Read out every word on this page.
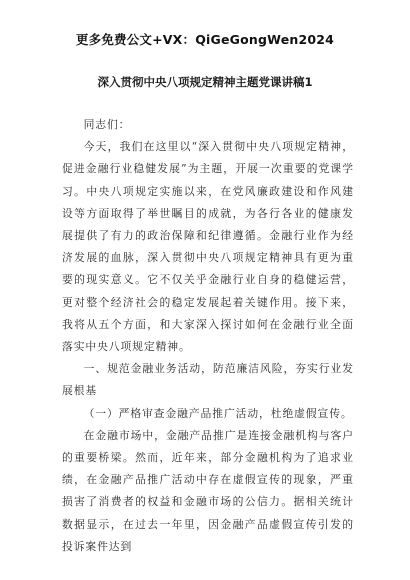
更多免费公文+VX：QiGeGongWen2024
深入贯彻中央八项规定精神主题党课讲稿1

同志们：

今天，我们在这里以“深入贯彻中央八项规定精神，促进金融行业稳健发展”为主题，开展一次重要的党课学习。中央八项规定实施以来，在党风廉政建设和作风建设等方面取得了举世瞩目的成就，为各行各业的健康发展提供了有力的政治保障和纪律遵循。金融行业作为经济发展的血脉，深入贯彻中央八项规定精神具有更为重要的现实意义。它不仅关乎金融行业自身的稳健运营，更对整个经济社会的稳定发展起着关键作用。接下来，我将从五个方面，和大家深入探讨如何在金融行业全面落实中央八项规定精神。

一、规范金融业务活动，防范廉洁风险，夯实行业发展根基

（一）严格审查金融产品推广活动，杜绝虚假宣传。

在金融市场中，金融产品推广是连接金融机构与客户的重要桥梁。然而，近年来，部分金融机构为了追求业绩，在金融产品推广活动中存在虚假宣传的现象，严重损害了消费者的权益和金融市场的公信力。据相关统计数据显示，在过去一年里，因金融产品虚假宣传引发的投诉案件达到
